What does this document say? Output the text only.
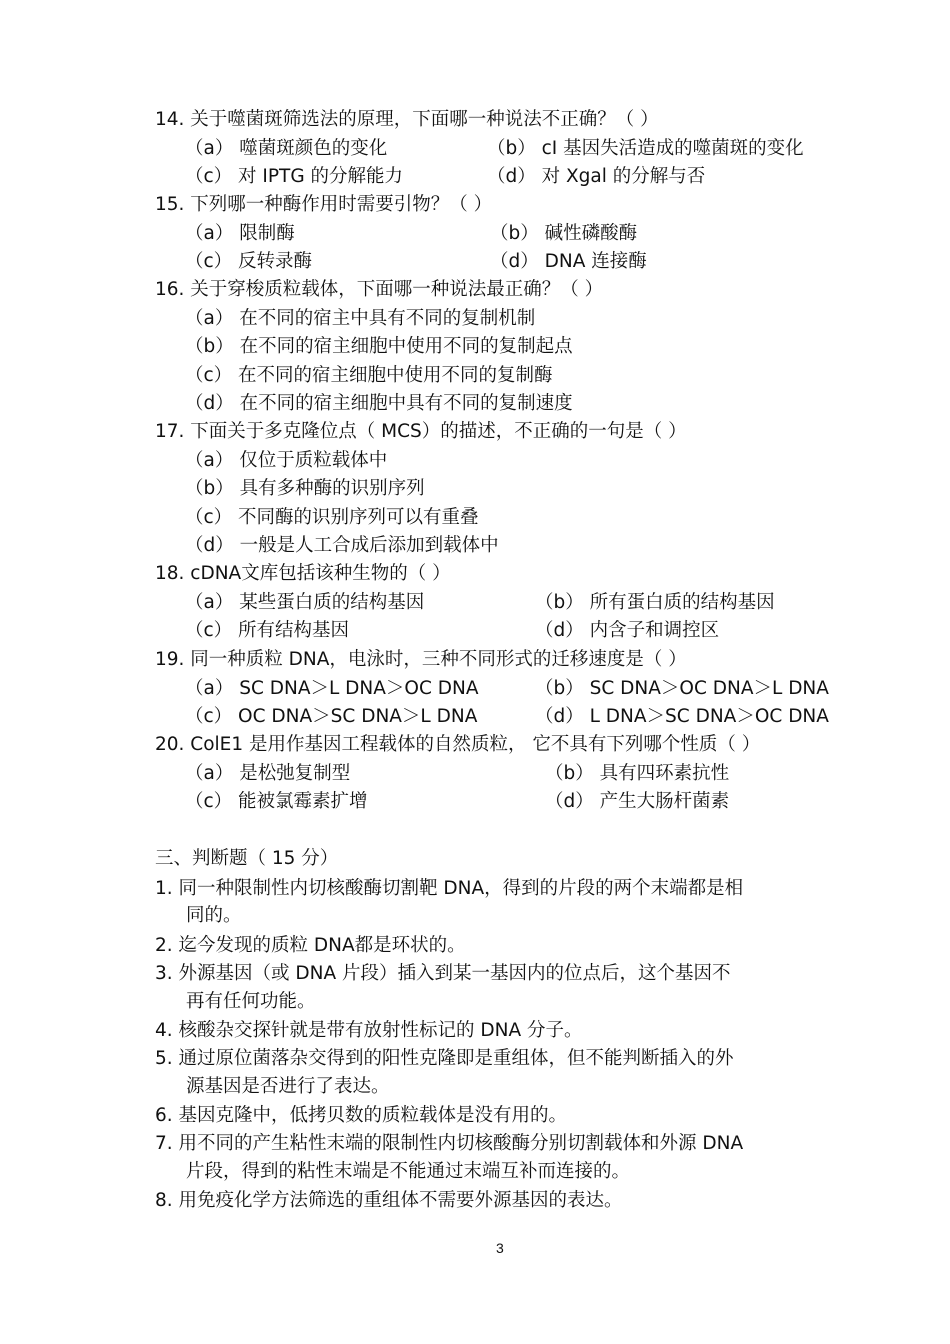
14. 关于噬菌斑筛选法的原理，下面哪一种说法不正确？（ ）
（a） 噬菌斑颜色的变化	（b） cI 基因失活造成的噬菌斑的变化
（c） 对 IPTG 的分解能力	（d） 对 Xgal 的分解与否
15. 下列哪一种酶作用时需要引物？（ ）
（a） 限制酶	（b） 碱性磷酸酶
（c） 反转录酶	（d） DNA 连接酶
16. 关于穿梭质粒载体，下面哪一种说法最正确？（ ）
（a） 在不同的宿主中具有不同的复制机制
（b） 在不同的宿主细胞中使用不同的复制起点
（c） 在不同的宿主细胞中使用不同的复制酶
（d） 在不同的宿主细胞中具有不同的复制速度
17. 下面关于多克隆位点（ MCS）的描述，不正确的一句是（ ）
（a） 仅位于质粒载体中
（b） 具有多种酶的识别序列
（c） 不同酶的识别序列可以有重叠
（d） 一般是人工合成后添加到载体中
18. cDNA文库包括该种生物的（ ）
（a） 某些蛋白质的结构基因	（b） 所有蛋白质的结构基因
（c） 所有结构基因	（d） 内含子和调控区
19. 同一种质粒 DNA，电泳时，三种不同形式的迁移速度是（ ）
（a） SC DNA＞L DNA＞OC DNA	（b） SC DNA＞OC DNA＞L DNA
（c） OC DNA＞SC DNA＞L DNA	（d） L DNA＞SC DNA＞OC DNA
20. ColE1 是用作基因工程载体的自然质粒， 它不具有下列哪个性质（ ）
（a） 是松弛复制型	（b） 具有四环素抗性
（c） 能被氯霉素扩增	（d） 产生大肠杆菌素
三、判断题（ 15 分）
1. 同一种限制性内切核酸酶切割靶 DNA，得到的片段的两个末端都是相
同的。
2. 迄今发现的质粒 DNA都是环状的。
3. 外源基因（或 DNA 片段）插入到某一基因内的位点后，这个基因不
再有任何功能。
4. 核酸杂交探针就是带有放射性标记的 DNA 分子。
5. 通过原位菌落杂交得到的阳性克隆即是重组体，但不能判断插入的外
源基因是否进行了表达。
6. 基因克隆中，低拷贝数的质粒载体是没有用的。
7. 用不同的产生粘性末端的限制性内切核酸酶分别切割载体和外源 DNA
片段，得到的粘性末端是不能通过末端互补而连接的。
8. 用免疫化学方法筛选的重组体不需要外源基因的表达。
3
